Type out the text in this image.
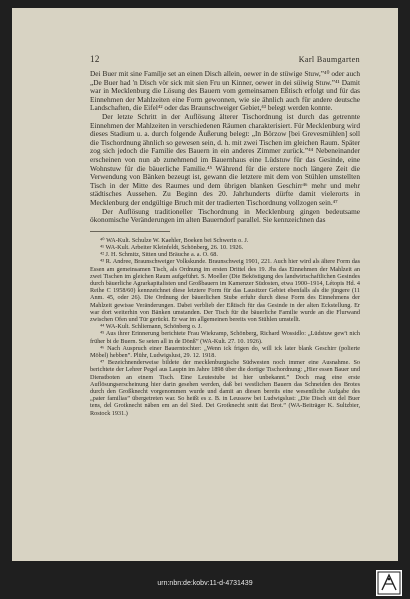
12	Karl Baumgarten

Dei Buer mit sine Famílje set an einen Disch allein, oewer in de stüwige Stuw,”⁴⁰ oder auch „De Buer had 'n Disch vör sick mit sien Fru un Kinner, oewer in dei süiwig Stuw.”⁴¹ Damit war in Mecklenburg die Lösung des Bauern vom gemeinsamen Eßtisch erfolgt und für das Einnehmen der Mahlzeiten eine Form gewonnen, wie sie ähnlich auch für andere deutsche Landschaften, die Eifel⁴² oder das Braunschweiger Gebiet,⁴³ belegt werden konnte.

Der letzte Schritt in der Auflösung älterer Tischordnung ist durch das getrennte Einnehmen der Mahlzeiten in verschiedenen Räumen charakterisiert. Für Mecklenburg wird dieses Stadium u. a. durch folgende Äußerung belegt: „In Börzow [bei Grevesmühlen] soll die Tischordnung ähnlich so gewesen sein, d. h. mit zwei Tischen im gleichen Raum. Später zog sich jedoch die Familie des Bauern in ein anderes Zimmer zurück.”⁴⁴ Nebeneinander erscheinen von nun ab zunehmend im Bauernhaus eine Lüdstuw für das Gesinde, eine Wohnstuw für die bäuerliche Familie.⁴⁵ Während für die erstere noch längere Zeit die Verwendung von Bänken bezeugt ist, gewann die letztere mit dem von Stühlen umstellten Tisch in der Mitte des Raumes und dem übrigen blanken Geschirr⁴⁶ mehr und mehr städtisches Aussehen. Zu Beginn des 20. Jahrhunderts dürfte damit vielerorts in Mecklenburg der endgültige Bruch mit der tradierten Tischordnung vollzogen sein.⁴⁷

Der Auflösung traditioneller Tischordnung in Mecklenburg gingen bedeutsame ökonomische Veränderungen im alten Bauerndorf parallel. Sie kennzeichnen das

⁴⁰ WA-Kult. Schulze W. Kaehler, Boeken bei Schwerin o. J.

⁴¹ WA-Kult. Arbeiter Kleinfeldt, Schönberg, 26. 10. 1926.

⁴² J. H. Schmitz, Sitten und Bräuche a. a. O. 68.

⁴³ R. Andree, Braunschweiger Volkskunde. Braunschweig 1901, 221. Auch hier wird als ältere Form das Essen am gemeinsamen Tisch, als Ordnung im ersten Drittel des 19. Jhs das Einnehmen der Mahlzeit an zwei Tischen im gleichen Raum aufgeführt. S. Moeller (Die Beköstigung des landwirtschaftlichen Gesindes durch bäuerliche Agrarkapitalisten und Großbauern im Kamenzer Südosten, etwa 1900–1914, Létopis Hd. 4 Reihe C 1958/60) kennzeichnet diese letztere Form für das Lausitzer Gebiet ebenfalls als die jüngere (11 Anm. 45, oder 26). Die Ordnung der bäuerlichen Stube erfuhr durch diese Form des Einnehmens der Mahlzeit gewisse Veränderungen. Dabei verblieb der Eßtisch für das Gesinde in der alten Eckstellung. Er war dort weiterhin von Bänken umstanden. Der Tisch für die bäuerliche Familie wurde an die Flurwand zwischen Ofen und Tür gerückt. Er war im allgemeinen bereits von Stühlen umstellt.

⁴⁴ WA-Kult. Schliemann, Schönberg o. J.

⁴⁵ Aus ihrer Erinnerung berichtete Frau Wiekramp, Schönberg, Richard Wossidlo: „Lüdstuw gew't nich früher bi de Buern. Se seten all in de Dönß” (WA-Kult. 27. 10. 1926).

⁴⁶ Nach Auspruch einer Bauerntochter: „Wenn ick frigen do, will ick later blank Geschirr (polierte Möbel) hebben”. Plühr, Ludwigslust, 29. 12. 1918.

⁴⁷ Bezeichnenderweise bildete der mecklenburgische Südwesten noch immer eine Ausnahme. So berichtete der Lehrer Pegel aus Laupin im Jahre 1898 über die dortige Tischordnung: „Hier essen Bauer und Dienstboten an einem Tisch. Eine Leutestube ist hier unbekannt.” Doch mag eine erste Auflösungserscheinung hier darin gesehen werden, daß bei westlichen Bauern das Schneiden des Brotes durch den Großknecht vorgenommen wurde und damit an diesen bereits eine wesentliche Aufgabe des „pater familias” übergetreten war. So heißt es z. B. in Leussow bei Ludwigslust: „Die Disch sitt del Buer tens, del Grotknecht näben em an del Sied. Dei Grotknecht snitt dat Brot.” (WA-Beiträger K. Sultzbier, Rostock 1931.)

urn:nbn:de:kobv:11-d-4731439
